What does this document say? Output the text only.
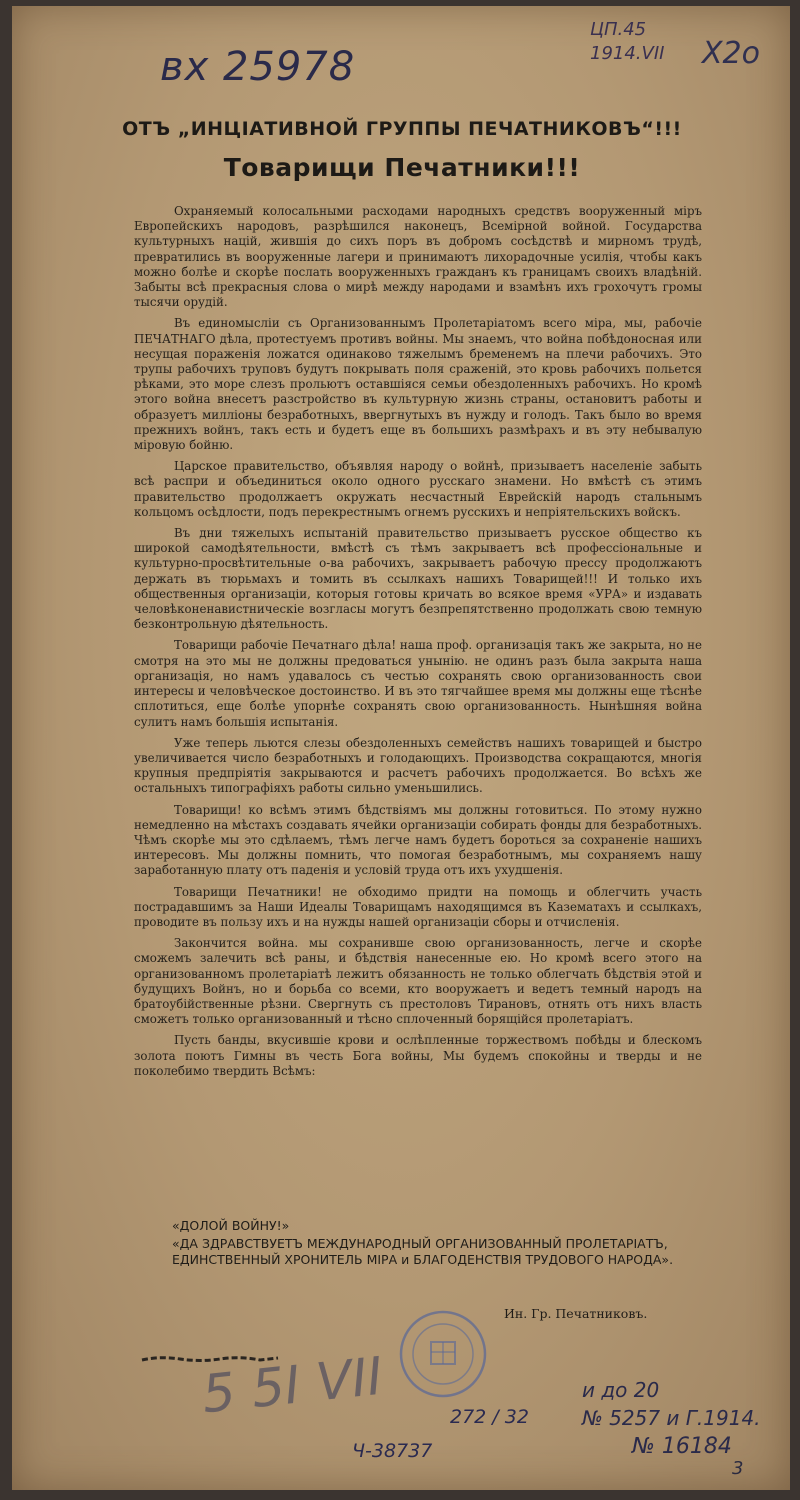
вх 25978
ЦП.45
1914.VII X2o
ОТЪ „ИНЦІАТИВНОЙ ГРУППЫ ПЕЧАТНИКОВЪ“!!!
Товарищи Печатники!!!

Охраняемый колосальными расходами народныхъ средствъ вооруженный міръ Европейскихъ народовъ, разрѣшился наконецъ, Всемірной войной. Государства культурныхъ націй, жившія до сихъ поръ въ добромъ сосѣдствѣ и мирномъ трудѣ, превратились въ вооруженные лагери и принимаютъ лихорадочные усилія, чтобы какъ можно болѣе и скорѣе послать вооруженныхъ гражданъ къ границамъ своихъ владѣній. Забыты всѣ прекрасныя слова о мирѣ между народами и взамѣнъ ихъ грохочутъ громы тысячи орудій.

Въ единомысліи съ Организованнымъ Пролетаріатомъ всего міра, мы, рабочіе ПЕЧАТНАГО дѣла, протестуемъ противъ войны. Мы знаемъ, что война побѣдоносная или несущая пораженія ложатся одинаково тяжелымъ бременемъ на плечи рабочихъ. Это трупы рабочихъ труповъ будутъ покрывать поля сраженій, это кровь рабочихъ польется рѣками, это море слезъ прольютъ оставшіяся семьи обездоленныхъ рабочихъ. Но кромѣ этого война внесетъ разстройство въ культурную жизнь страны, остановитъ работы и образуетъ милліоны безработныхъ, ввергнутыхъ въ нужду и голодъ. Такъ было во время прежнихъ войнъ, такъ есть и будетъ еще въ большихъ размѣрахъ и въ эту небывалую міровую бойню.

Царское правительство, объявляя народу о войнѣ, призываетъ населеніе забыть всѣ распри и объединиться около одного русскаго знамени. Но вмѣстѣ съ этимъ правительство продолжаетъ окружать несчастный Еврейскій народъ стальнымъ кольцомъ осѣдлости, подъ перекрестнымъ огнемъ русскихъ и непріятельскихъ войскъ.

Въ дни тяжелыхъ испытаній правительство призываетъ русское общество къ широкой самодѣятельности, вмѣстѣ съ тѣмъ закрываетъ всѣ профессіональные и культурно-просвѣтительные о-ва рабочихъ, закрываетъ рабочую прессу продолжаютъ держать въ тюрьмахъ и томить въ ссылкахъ нашихъ Товарищей!!! И только ихъ общественныя организаціи, которыя готовы кричать во всякое время «УРА» и издавать человѣконенавистническіе возгласы могутъ безпрепятственно продолжать свою темную безконтрольную дѣятельность.

Товарищи рабочіе Печатнаго дѣла! наша проф. организація такъ же закрыта, но не смотря на это мы не должны предоваться унынію. не одинъ разъ была закрыта наша организація, но намъ удавалось съ честью сохранять свою организованность свои интересы и человѣческое достоинство. И въ это тягчайшее время мы должны еще тѣснѣе сплотиться, еще болѣе упорнѣе сохранять свою организованность. Нынѣшняя война сулитъ намъ большія испытанія.

Уже теперь льются слезы обездоленныхъ семействъ нашихъ товарищей и быстро увеличивается число безработныхъ и голодающихъ. Производства сокращаются, многія крупныя предпріятія закрываются и расчетъ рабочихъ продолжается. Во всѣхъ же остальныхъ типографіяхъ работы сильно уменьшились.

Товарищи! ко всѣмъ этимъ бѣдствіямъ мы должны готовиться. По этому нужно немедленно на мѣстахъ создавать ячейки организаціи собирать фонды для безработныхъ. Чѣмъ скорѣе мы это сдѣлаемъ, тѣмъ легче намъ будетъ бороться за сохраненіе нашихъ интересовъ. Мы должны помнить, что помогая безработнымъ, мы сохраняемъ нашу заработанную плату отъ паденія и условій труда отъ ихъ ухудшенія.

Товарищи Печатники! не обходимо придти на помощь и облегчить участь пострадавшимъ за Наши Идеалы Товарищамъ находящимся въ Казематахъ и ссылкахъ, проводите въ пользу ихъ и на нужды нашей организаціи сборы и отчисленія.

Закончится война. мы сохранивше свою организованность, легче и скорѣе сможемъ залечить всѣ раны, и бѣдствія нанесенные ею. Но кромѣ всего этого на организованномъ пролетаріатѣ лежитъ обязанность не только облегчать бѣдствія этой и будущихъ Войнъ, но и борьба со всеми, кто вооружаетъ и ведетъ темный народъ на братоубійственные рѣзни. Свергнуть съ престоловъ Тирановъ, отнять отъ нихъ власть сможетъ только организованный и тѣсно сплоченный борящійся пролетаріатъ.

Пусть банды, вкусившіе крови и ослѣпленные торжествомъ побѣды и блескомъ золота поютъ Гимны въ честь Бога войны, Мы будемъ спокойны и тверды и не поколебимо твердить Всѣмъ:

«ДОЛОЙ ВОЙНУ!»
«ДА ЗДРАВСТВУЕТЪ МЕЖДУНАРОДНЫЙ ОРГАНИЗОВАННЫЙ ПРОЛЕТАРІАТЪ, ЕДИНСТВЕННЫЙ ХРОНИТЕЛЬ МІРА и БЛАГОДЕНСТВІЯ ТРУДОВОГО НАРОДА».
Ин. Гр. Печатниковъ.
5 5I VII	272 / 32
Ч-38737
и до 20
№ 5257 и Г.1914.
№ 16184
3
